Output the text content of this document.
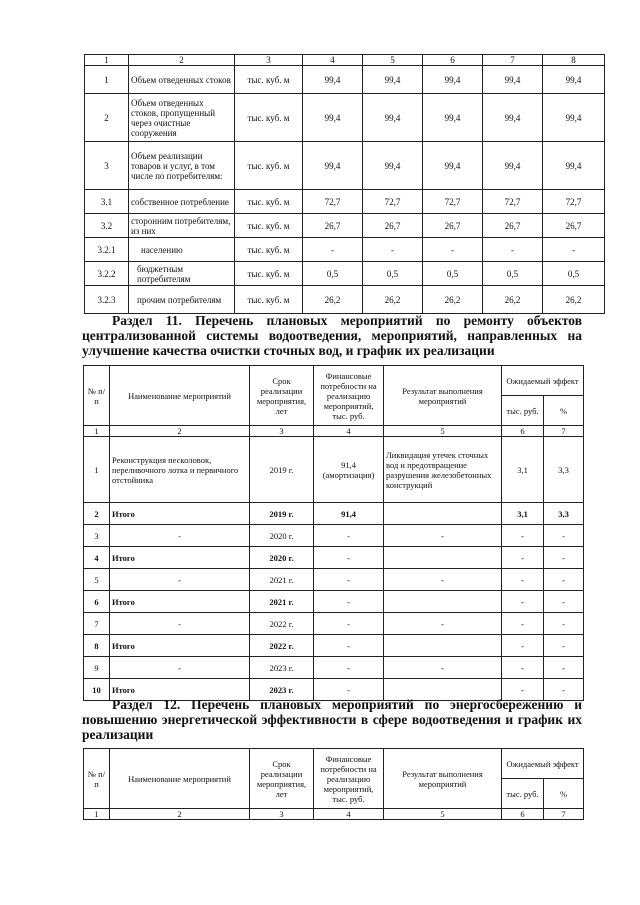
1	2	3	4	5	6	7	8
1	Объем отведенных стоков	тыс. куб. м	99,4	99,4	99,4	99,4	99,4
2	Объем отведенных стоков, пропущенный через очистные сооружения	тыс. куб. м	99,4	99,4	99,4	99,4	99,4
3	Объем реализации товаров и услуг, в том числе по потребителям:	тыс. куб. м	99,4	99,4	99,4	99,4	99,4
3.1	собственное потребление	тыс. куб. м	72,7	72,7	72,7	72,7	72,7
3.2	сторонним потребителям, из них	тыс. куб. м	26,7	26,7	26,7	26,7	26,7
3.2.1	населению	тыс. куб. м	-	-	-	-	-
3.2.2	бюджетным потребителям	тыс. куб. м	0,5	0,5	0,5	0,5	0,5
3.2.3	прочим потребителям	тыс. куб. м	26,2	26,2	26,2	26,2	26,2
Раздел 11. Перечень плановых мероприятий по ремонту объектов централизованной системы водоотведения, мероприятий, направленных на улучшение качества очистки сточных вод, и график их реализации
№ п/п	Наименование мероприятий	Срок реализации мероприятия, лет	Финансовые потребности на реализацию мероприятий, тыс. руб.	Результат выполнения мероприятий	Ожидаемый эффект	
					тыс. руб.	%
1	2	3	4	5	6	7
1	Реконструкция песколовок, переливочного лотка и первичного отстойника	2019 г.	91,4 (амортизация)	Ликвидация утечек сточных вод и предотвращение разрушения железобетонных конструкций	3,1	3,3
2	Итого	2019 г.	91,4		3,1	3,3
3	-	2020 г.	-	-	-	-
4	Итого	2020 г.	-		-	-
5	-	2021 г.	-	-	-	-
6	Итого	2021 г.	-		-	-
7	-	2022 г.	-	-	-	-
8	Итого	2022 г.	-		-	-
9	-	2023 г.	-	-	-	-
10	Итого	2023 г.	-		-	-
Раздел 12. Перечень плановых мероприятий по энергосбережению и повышению энергетической эффективности в сфере водоотведения и график их реализации
№ п/п	Наименование мероприятий	Срок реализации мероприятия, лет	Финансовые потребности на реализацию мероприятий, тыс. руб.	Результат выполнения мероприятий	Ожидаемый эффект	
					тыс. руб.	%
1	2	3	4	5	6	7
